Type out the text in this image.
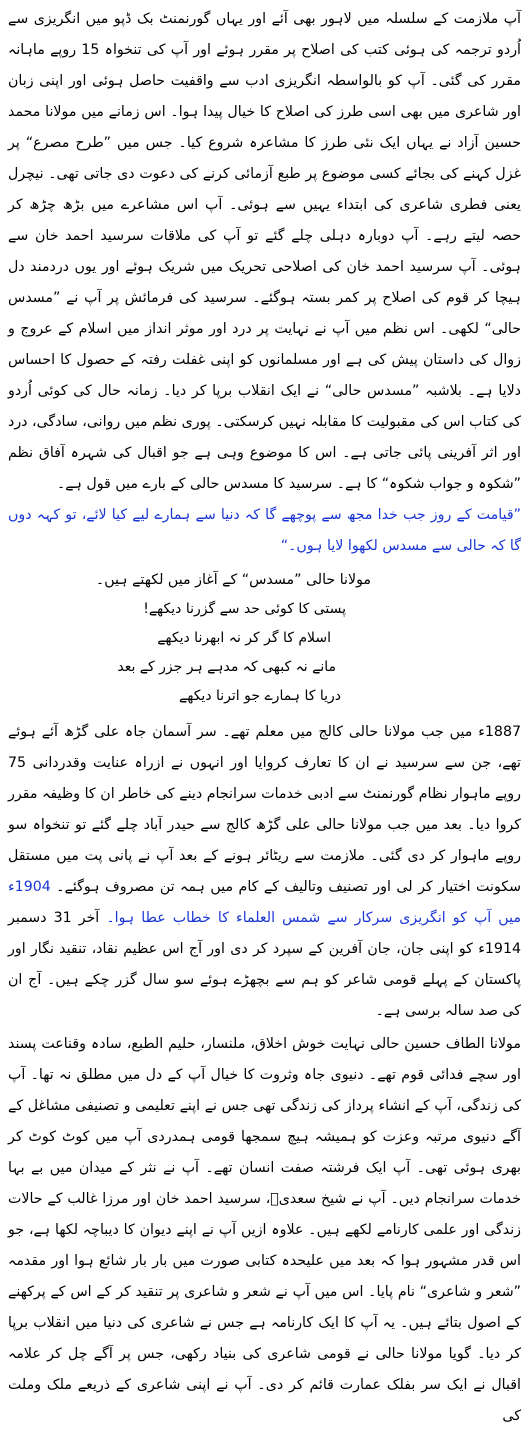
آپ ملازمت کے سلسلہ میں لاہور بھی آئے اور یہاں گورنمنٹ بک ڈپو میں انگریزی سے اُردو ترجمہ کی ہوئی کتب کی اصلاح پر مقرر ہوئے اور آپ کی تنخواہ 15 روپے ماہانہ مقرر کی گئی۔ آپ کو بالواسطہ انگریزی ادب سے واقفیت حاصل ہوئی اور اپنی زبان اور شاعری میں بھی اسی طرز کی اصلاح کا خیال پیدا ہوا۔ اس زمانے میں مولانا محمد حسین آزاد نے یہاں ایک نئی طرز کا مشاعرہ شروع کیا۔ جس میں ”طرح مصرع“ پر غزل کہنے کی بجائے کسی موضوع پر طبع آزمائی کرنے کی دعوت دی جاتی تھی۔ نیچرل یعنی فطری شاعری کی ابتداء یہیں سے ہوئی۔ آپ اس مشاعرے میں بڑھ چڑھ کر حصہ لیتے رہے۔ آپ دوبارہ دہلی چلے گئے تو آپ کی ملاقات سرسید احمد خان سے ہوئی۔ آپ سرسید احمد خان کی اصلاحی تحریک میں شریک ہوئے اور یوں دردمند دل ہیچا کر قوم کی اصلاح پر کمر بستہ ہوگئے۔ سرسید کی فرمائش پر آپ نے ”مسدس حالی“ لکھی۔ اس نظم میں آپ نے نہایت پر درد اور موثر انداز میں اسلام کے عروج و زوال کی داستان پیش کی ہے اور مسلمانوں کو اپنی غفلت رفتہ کے حصول کا احساس دلایا ہے۔ بلاشبہ ”مسدس حالی“ نے ایک انقلاب برپا کر دیا۔ زمانہ حال کی کوئی اُردو کی کتاب اس کی مقبولیت کا مقابلہ نہیں کرسکتی۔ پوری نظم میں روانی، سادگی، درد اور اثر آفرینی پائی جاتی ہے۔ اس کا موضوع وہی ہے جو اقبال کی شہرہ آفاق نظم ”شکوہ و جواب شکوہ“ کا ہے۔ سرسید کا مسدس حالی کے بارے میں قول ہے۔

”قیامت کے روز جب خدا مجھ سے پوچھے گا کہ دنیا سے ہمارے لیے کیا لائے، تو کہہ دوں گا کہ حالی سے مسدس لکھوا لایا ہوں۔“

مولانا حالی ”مسدس“ کے آغاز میں لکھتے ہیں۔

پستی کا کوئی حد سے گزرنا دیکھے!

اسلام کا گر کر نہ ابھرنا دیکھے

مانے نہ کبھی کہ مدہے ہر جزر کے بعد

دریا کا ہمارے جو اترنا دیکھے

1887ء میں جب مولانا حالی کالج میں معلم تھے۔ سر آسمان جاہ علی گڑھ آئے ہوئے تھے، جن سے سرسید نے ان کا تعارف کروایا اور انہوں نے ازراہ عنایت وقدردانی 75 روپے ماہوار نظام گورنمنٹ سے ادبی خدمات سرانجام دینے کی خاطر ان کا وظیفہ مقرر کروا دیا۔ بعد میں جب مولانا حالی علی گڑھ کالج سے حیدر آباد چلے گئے تو تنخواہ سو روپے ماہوار کر دی گئی۔ ملازمت سے ریٹائر ہونے کے بعد آپ نے پانی پت میں مستقل سکونت اختیار کر لی اور تصنیف وتالیف کے کام میں ہمہ تن مصروف ہوگئے۔ 1904ء میں آپ کو انگریزی سرکار سے شمس العلماء کا خطاب عطا ہوا۔ آخر 31 دسمبر 1914ء کو اپنی جان، جان آفرین کے سپرد کر دی اور آج اس عظیم نقاد، تنقید نگار اور پاکستان کے پہلے قومی شاعر کو ہم سے بچھڑے ہوئے سو سال گزر چکے ہیں۔ آج ان کی صد سالہ برسی ہے۔

مولانا الطاف حسین حالی نہایت خوش اخلاق، ملنسار، حلیم الطبع، سادہ وقناعت پسند اور سچے فدائی قوم تھے۔ دنیوی جاہ وثروت کا خیال آپ کے دل میں مطلق نہ تھا۔ آپ کی زندگی، آپ کے انشاء پرداز کی زندگی تھی جس نے اپنے تعلیمی و تصنیفی مشاغل کے آگے دنیوی مرتبہ وعزت کو ہمیشہ ہیچ سمجھا قومی ہمدردی آپ میں کوٹ کوٹ کر بھری ہوئی تھی۔ آپ ایک فرشتہ صفت انسان تھے۔ آپ نے نثر کے میدان میں بے بہا خدمات سرانجام دیں۔ آپ نے شیخ سعدیؒ، سرسید احمد خان اور مرزا غالب کے حالات زندگی اور علمی کارنامے لکھے ہیں۔ علاوہ ازیں آپ نے اپنے دیوان کا دیباچہ لکھا ہے، جو اس قدر مشہور ہوا کہ بعد میں علیحدہ کتابی صورت میں بار بار شائع ہوا اور مقدمہ ”شعر و شاعری“ نام پایا۔ اس میں آپ نے شعر و شاعری پر تنقید کر کے اس کے پرکھنے کے اصول بتائے ہیں۔ یہ آپ کا ایک کارنامہ ہے جس نے شاعری کی دنیا میں انقلاب برپا کر دیا۔ گویا مولانا حالی نے قومی شاعری کی بنیاد رکھی، جس پر آگے چل کر علامہ اقبال نے ایک سر بفلک عمارت قائم کر دی۔ آپ نے اپنی شاعری کے ذریعے ملک وملت کی
